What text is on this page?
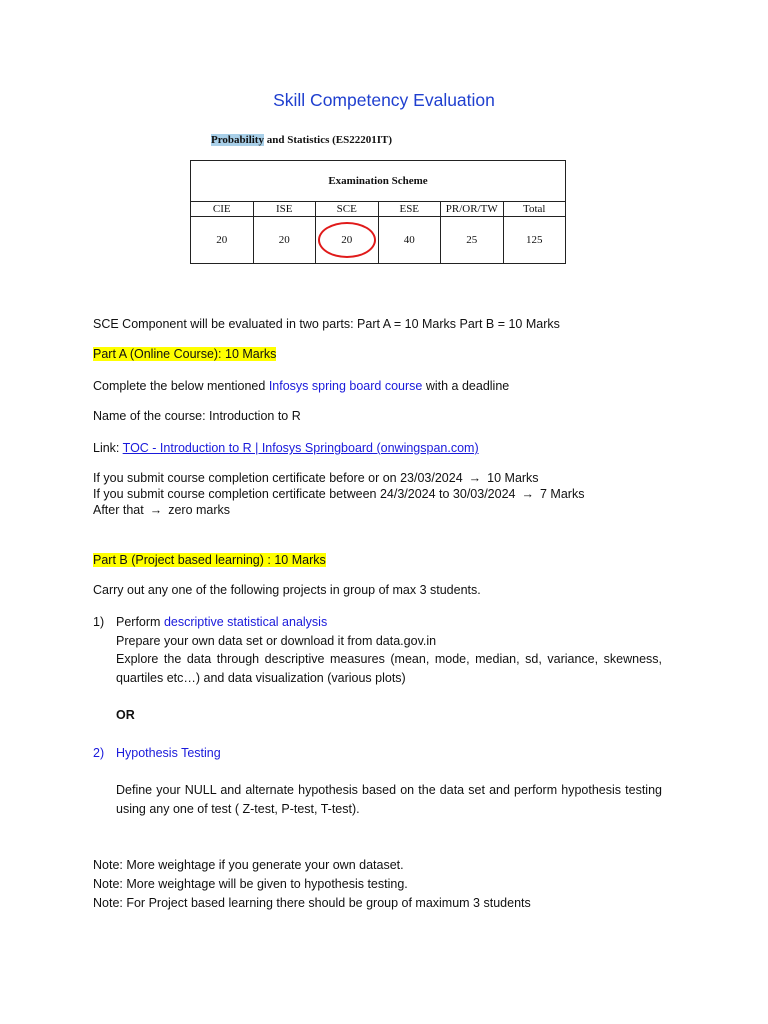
Skill Competency Evaluation
Probability and Statistics (ES22201IT)
Examination Scheme					
CIE	ISE	SCE	ESE	PR/OR/TW	Total
20	20	20	40	25	125
SCE Component will be evaluated in two parts: Part A = 10 Marks Part B = 10 Marks
Part A (Online Course): 10 Marks
Complete the below mentioned Infosys spring board course with a deadline
Name of the course: Introduction to R
Link: TOC - Introduction to R | Infosys Springboard (onwingspan.com)
If you submit course completion certificate before or on 23/03/2024 → 10 Marks
If you submit course completion certificate between 24/3/2024 to 30/03/2024 → 7 Marks
After that → zero marks
Part B (Project based learning) : 10 Marks
Carry out any one of the following projects in group of max 3 students.
1) Perform descriptive statistical analysis
Prepare your own data set or download it from data.gov.in
Explore the data through descriptive measures (mean, mode, median, sd, variance, skewness, quartiles etc…) and data visualization (various plots)
OR
2) Hypothesis Testing
Define your NULL and alternate hypothesis based on the data set and perform hypothesis testing using any one of test ( Z-test, P-test, T-test).
Note: More weightage if you generate your own dataset.
Note: More weightage will be given to hypothesis testing.
Note: For Project based learning there should be group of maximum 3 students
